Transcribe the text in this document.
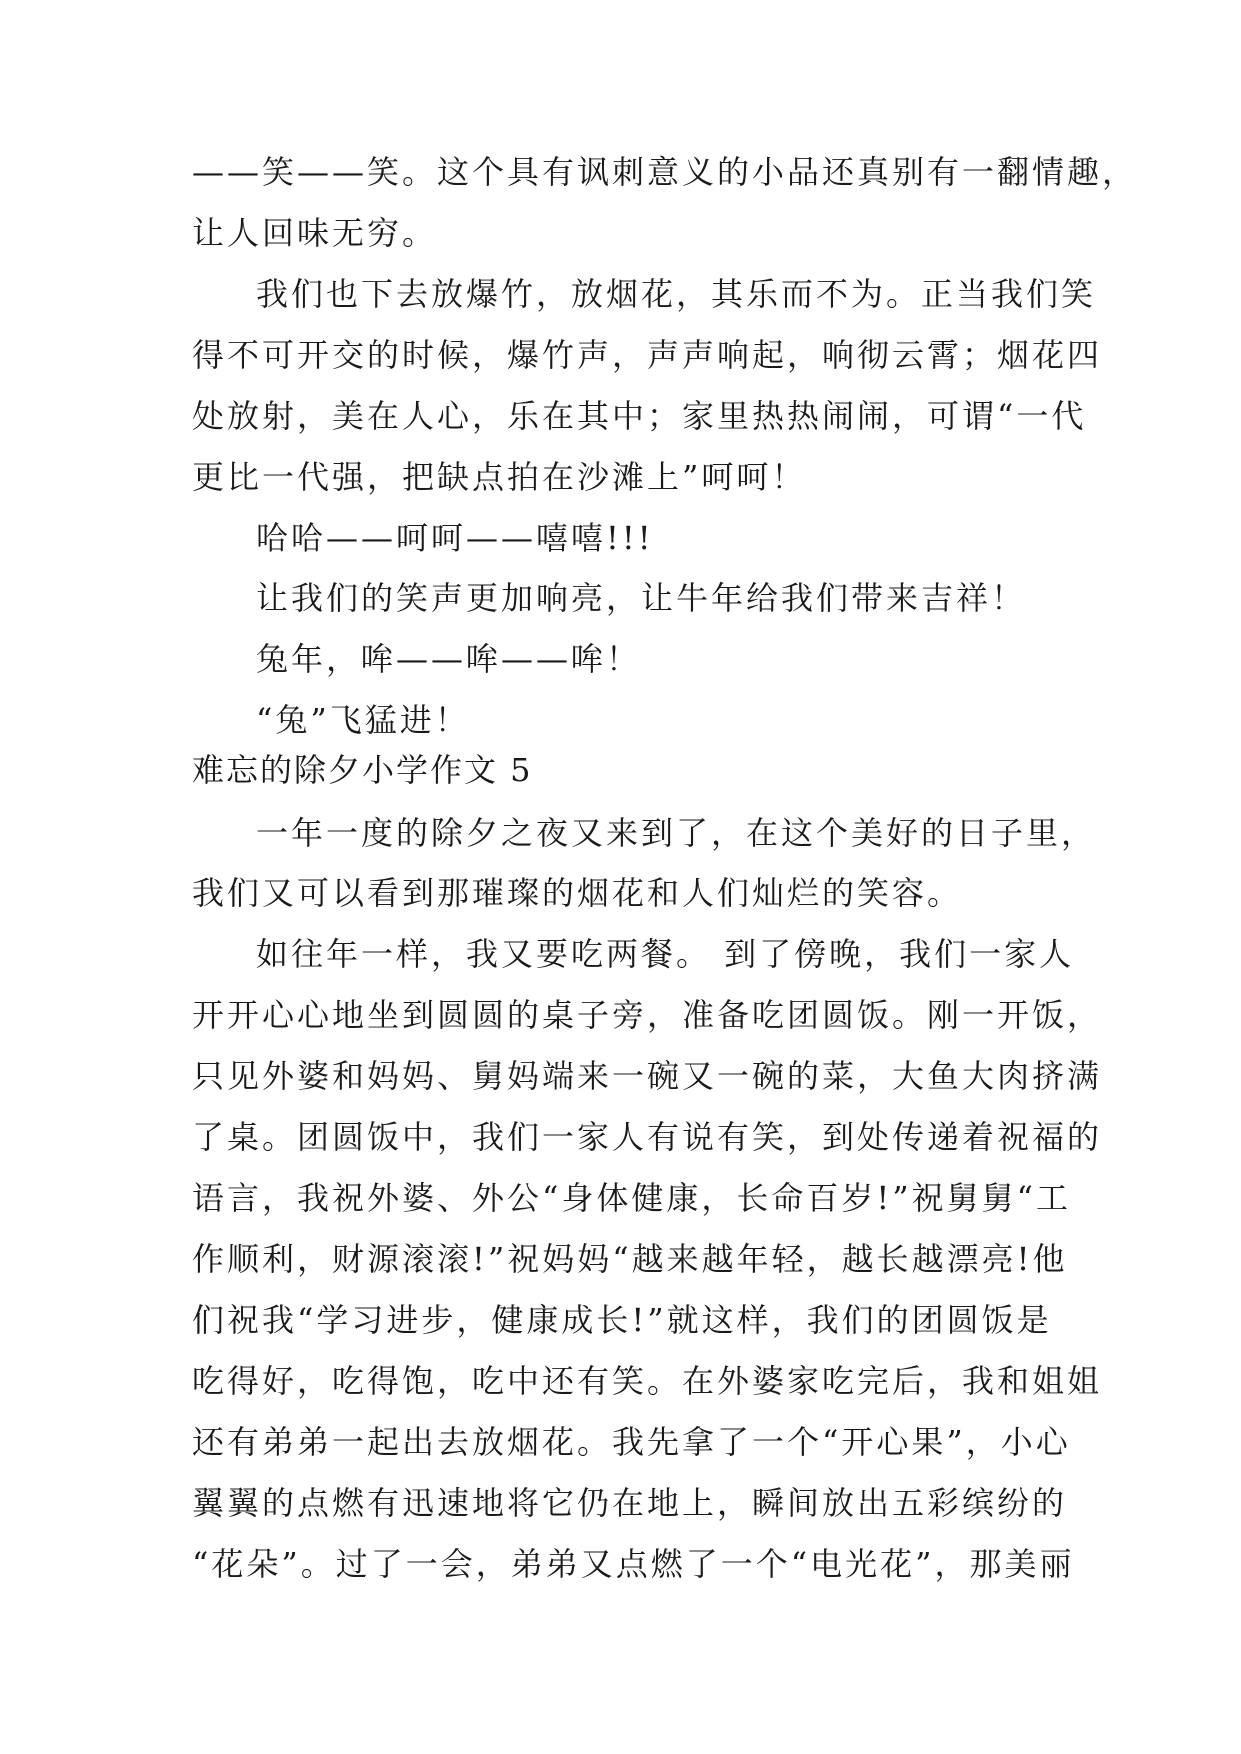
——笑——笑。这个具有讽刺意义的小品还真别有一翻情趣，
让人回味无穷。
我们也下去放爆竹，放烟花，其乐而不为。正当我们笑
得不可开交的时候，爆竹声，声声响起，响彻云霄；烟花四
处放射，美在人心，乐在其中；家里热热闹闹，可谓“一代
更比一代强，把缺点拍在沙滩上”呵呵！
哈哈——呵呵——嘻嘻!!!
让我们的笑声更加响亮，让牛年给我们带来吉祥！
兔年，哞——哞——哞！
“兔”飞猛进！
难忘的除夕小学作文 5
一年一度的除夕之夜又来到了，在这个美好的日子里，
我们又可以看到那璀璨的烟花和人们灿烂的笑容。
如往年一样，我又要吃两餐。 到了傍晚，我们一家人
开开心心地坐到圆圆的桌子旁，准备吃团圆饭。刚一开饭，
只见外婆和妈妈、舅妈端来一碗又一碗的菜，大鱼大肉挤满
了桌。团圆饭中，我们一家人有说有笑，到处传递着祝福的
语言，我祝外婆、外公“身体健康，长命百岁!”祝舅舅“工
作顺利，财源滚滚!”祝妈妈“越来越年轻，越长越漂亮!他
们祝我“学习进步，健康成长!”就这样，我们的团圆饭是
吃得好，吃得饱，吃中还有笑。在外婆家吃完后，我和姐姐
还有弟弟一起出去放烟花。我先拿了一个“开心果”，小心
翼翼的点燃有迅速地将它仍在地上，瞬间放出五彩缤纷的
“花朵”。过了一会，弟弟又点燃了一个“电光花”，那美丽
